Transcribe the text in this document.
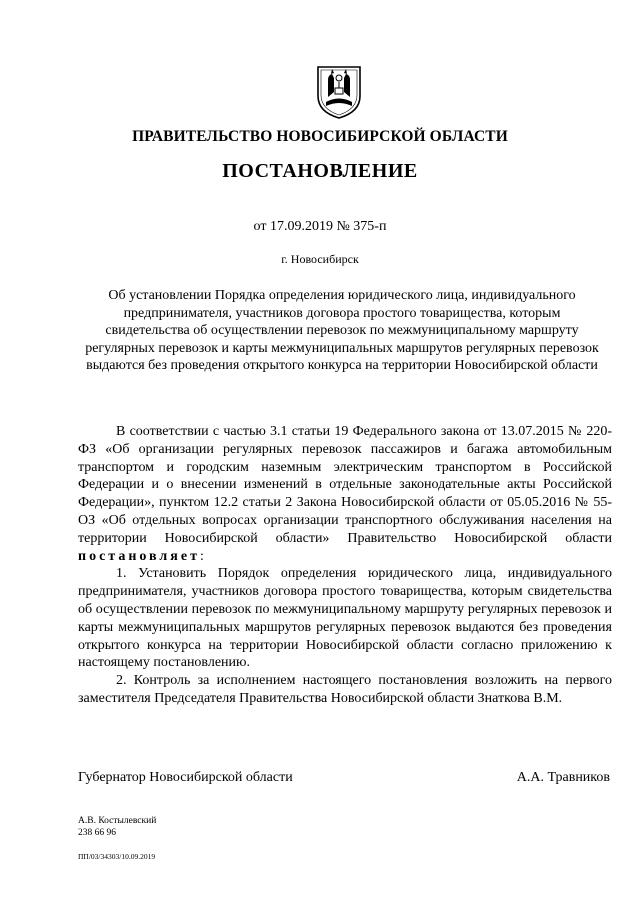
ПРАВИТЕЛЬСТВО НОВОСИБИРСКОЙ ОБЛАСТИ
ПОСТАНОВЛЕНИЕ
от 17.09.2019 № 375-п
г. Новосибирск
Об установлении Порядка определения юридического лица, индивидуального предпринимателя, участников договора простого товарищества, которым свидетельства об осуществлении перевозок по межмуниципальному маршруту регулярных перевозок и карты межмуниципальных маршрутов регулярных перевозок выдаются без проведения открытого конкурса на территории Новосибирской области

В соответствии с частью 3.1 статьи 19 Федерального закона от 13.07.2015 № 220-ФЗ «Об организации регулярных перевозок пассажиров и багажа автомобильным транспортом и городским наземным электрическим транспортом в Российской Федерации и о внесении изменений в отдельные законодательные акты Российской Федерации», пунктом 12.2 статьи 2 Закона Новосибирской области от 05.05.2016 № 55-ОЗ «Об отдельных вопросах организации транспортного обслуживания населения на территории Новосибирской области» Правительство Новосибирской области постановляет:

1. Установить Порядок определения юридического лица, индивидуального предпринимателя, участников договора простого товарищества, которым свидетельства об осуществлении перевозок по межмуниципальному маршруту регулярных перевозок и карты межмуниципальных маршрутов регулярных перевозок выдаются без проведения открытого конкурса на территории Новосибирской области согласно приложению к настоящему постановлению.

2. Контроль за исполнением настоящего постановления возложить на первого заместителя Председателя Правительства Новосибирской области Знаткова В.М.

Губернатор Новосибирской области	А.А. Травников
А.В. Костылевский
238 66 96
ПП/03/34303/10.09.2019
